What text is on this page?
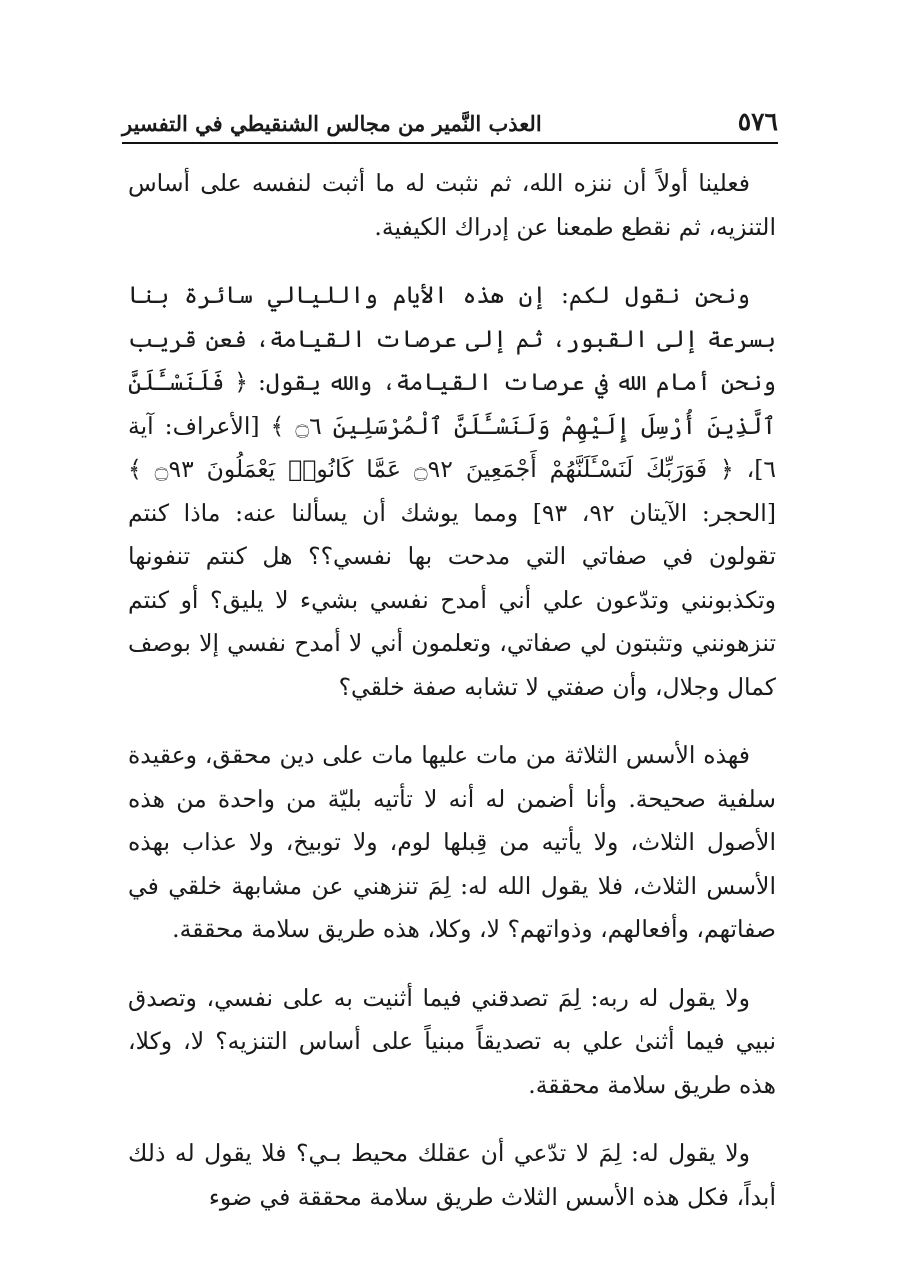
٥٧٦
العذب النَّمير من مجالس الشنقيطي في التفسير

فعلينا أولاً أن ننزه الله، ثم نثبت له ما أثبت لنفسه على أساس التنزيه، ثم نقطع طمعنا عن إدراك الكيفية.

ونحن نقول لكم: إن هذه الأيام والليالي سائرة بنا بسرعة إلى القبور، ثم إلى عرصات القيامة، فعن قريب ونحن أمام الله في عرصات القيامة، والله يقول: ﴿ فَلَنَسْـَٔلَنَّ ٱلَّذِينَ أُرْسِلَ إِلَيْهِمْ وَلَنَسْـَٔلَنَّ ٱلْمُرْسَلِينَ ۝٦ ﴾ [الأعراف: آية ٦]، ﴿ فَوَرَبِّكَ لَنَسْـَٔلَنَّهُمْ أَجْمَعِينَ ۝٩٢ عَمَّا كَانُوا۟ يَعْمَلُونَ ۝٩٣ ﴾ [الحجر: الآيتان ٩٢، ٩٣] ومما يوشك أن يسألنا عنه: ماذا كنتم تقولون في صفاتي التي مدحت بها نفسي؟؟ هل كنتم تنفونها وتكذبونني وتدّعون علي أني أمدح نفسي بشيء لا يليق؟ أو كنتم تنزهونني وتثبتون لي صفاتي، وتعلمون أني لا أمدح نفسي إلا بوصف كمال وجلال، وأن صفتي لا تشابه صفة خلقي؟

فهذه الأسس الثلاثة من مات عليها مات على دين محقق، وعقيدة سلفية صحيحة. وأنا أضمن له أنه لا تأتيه بليّة من واحدة من هذه الأصول الثلاث، ولا يأتيه من قِبلها لوم، ولا توبيخ، ولا عذاب بهذه الأسس الثلاث، فلا يقول الله له: لِمَ تنزهني عن مشابهة خلقي في صفاتهم، وأفعالهم، وذواتهم؟ لا، وكلا، هذه طريق سلامة محققة.

ولا يقول له ربه: لِمَ تصدقني فيما أثنيت به على نفسي، وتصدق نبيي فيما أثنىٰ علي به تصديقاً مبنياً على أساس التنزيه؟ لا، وكلا، هذه طريق سلامة محققة.

ولا يقول له: لِمَ لا تدّعي أن عقلك محيط بـي؟ فلا يقول له ذلك أبداً، فكل هذه الأسس الثلاث طريق سلامة محققة في ضوء
